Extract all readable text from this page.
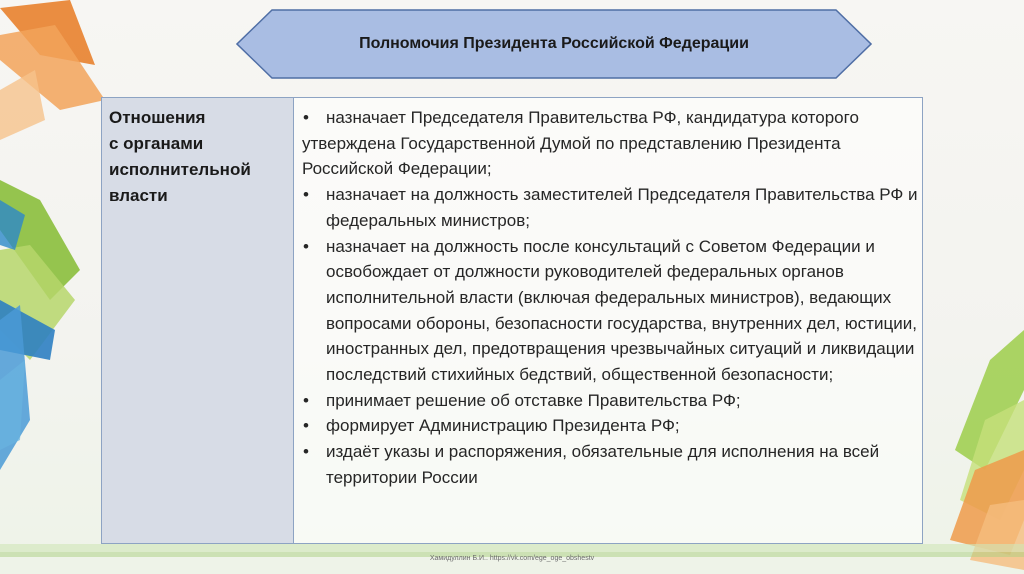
Полномочия Президента Российской Федерации
Отношения
с органами
исполнительной
власти
• назначает Председателя Правительства РФ, кандидатура которого утверждена Государственной Думой по представлению Президента Российской Федерации;
• назначает на должность заместителей Председателя Правительства РФ и федеральных министров;
• назначает на должность после консультаций с Советом Федерации и освобождает от должности руководителей федеральных органов исполнительной власти (включая федеральных министров), ведающих вопросами обороны, безопасности государства, внутренних дел, юстиции, иностранных дел, предотвращения чрезвычайных ситуаций и ликвидации последствий стихийных бедствий, общественной безопасности;
• принимает решение об отставке Правительства РФ;
• формирует Администрацию Президента РФ;
• издаёт указы и распоряжения, обязательные для исполнения на всей территории России
Хамидуллин Б.И.. https://vk.com/ege_oge_obshestv
